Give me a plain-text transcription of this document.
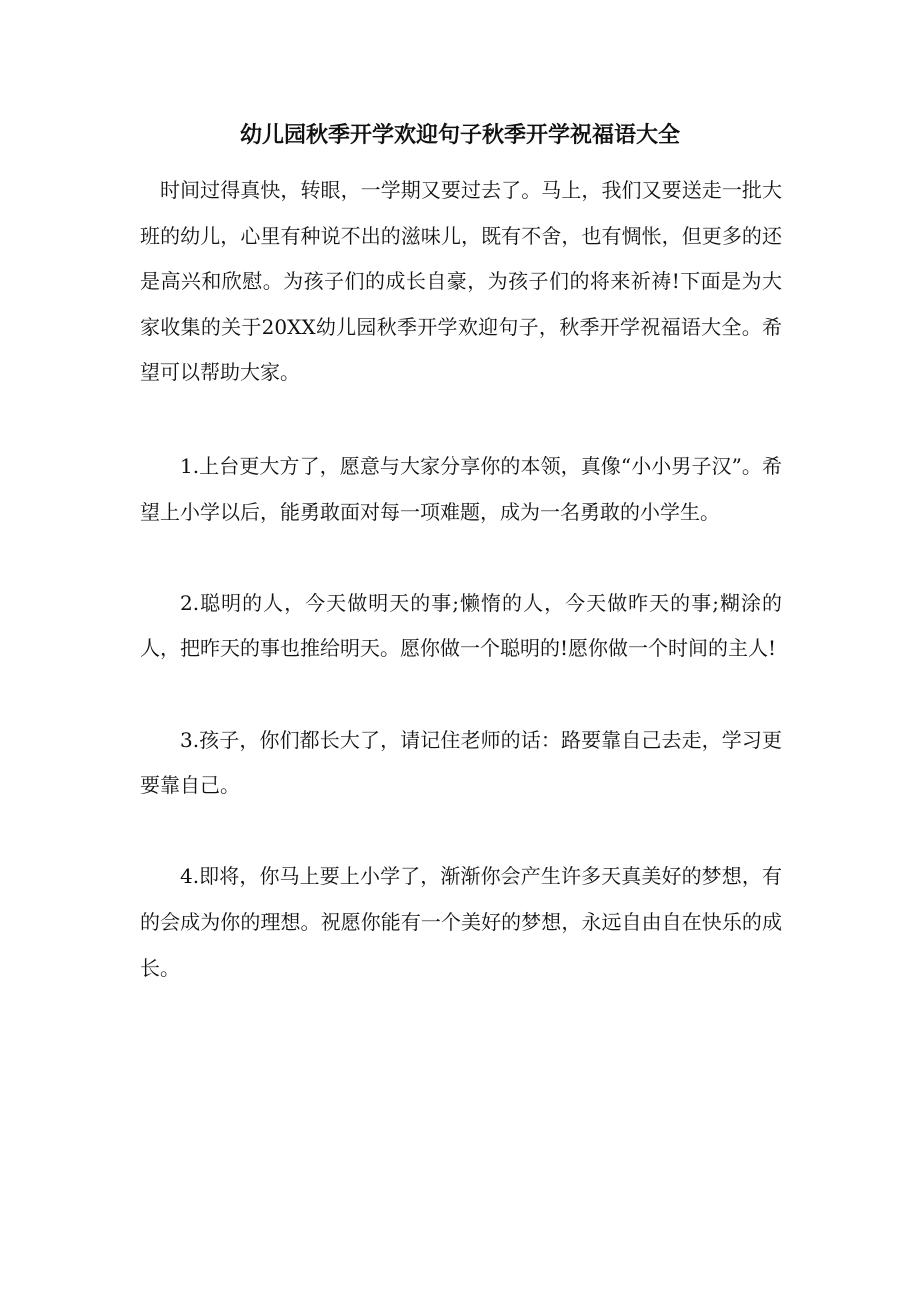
幼儿园秋季开学欢迎句子秋季开学祝福语大全

时间过得真快，转眼，一学期又要过去了。马上，我们又要送走一批大班的幼儿，心里有种说不出的滋味儿，既有不舍，也有惆怅，但更多的还是高兴和欣慰。为孩子们的成长自豪，为孩子们的将来祈祷!下面是为大家收集的关于20XX幼儿园秋季开学欢迎句子，秋季开学祝福语大全。希望可以帮助大家。

1.上台更大方了，愿意与大家分享你的本领，真像“小小男子汉”。希望上小学以后，能勇敢面对每一项难题，成为一名勇敢的小学生。

2.聪明的人，今天做明天的事;懒惰的人，今天做昨天的事;糊涂的人，把昨天的事也推给明天。愿你做一个聪明的!愿你做一个时间的主人!

3.孩子，你们都长大了，请记住老师的话：路要靠自己去走，学习更要靠自己。

4.即将，你马上要上小学了，渐渐你会产生许多天真美好的梦想，有的会成为你的理想。祝愿你能有一个美好的梦想，永远自由自在快乐的成长。
